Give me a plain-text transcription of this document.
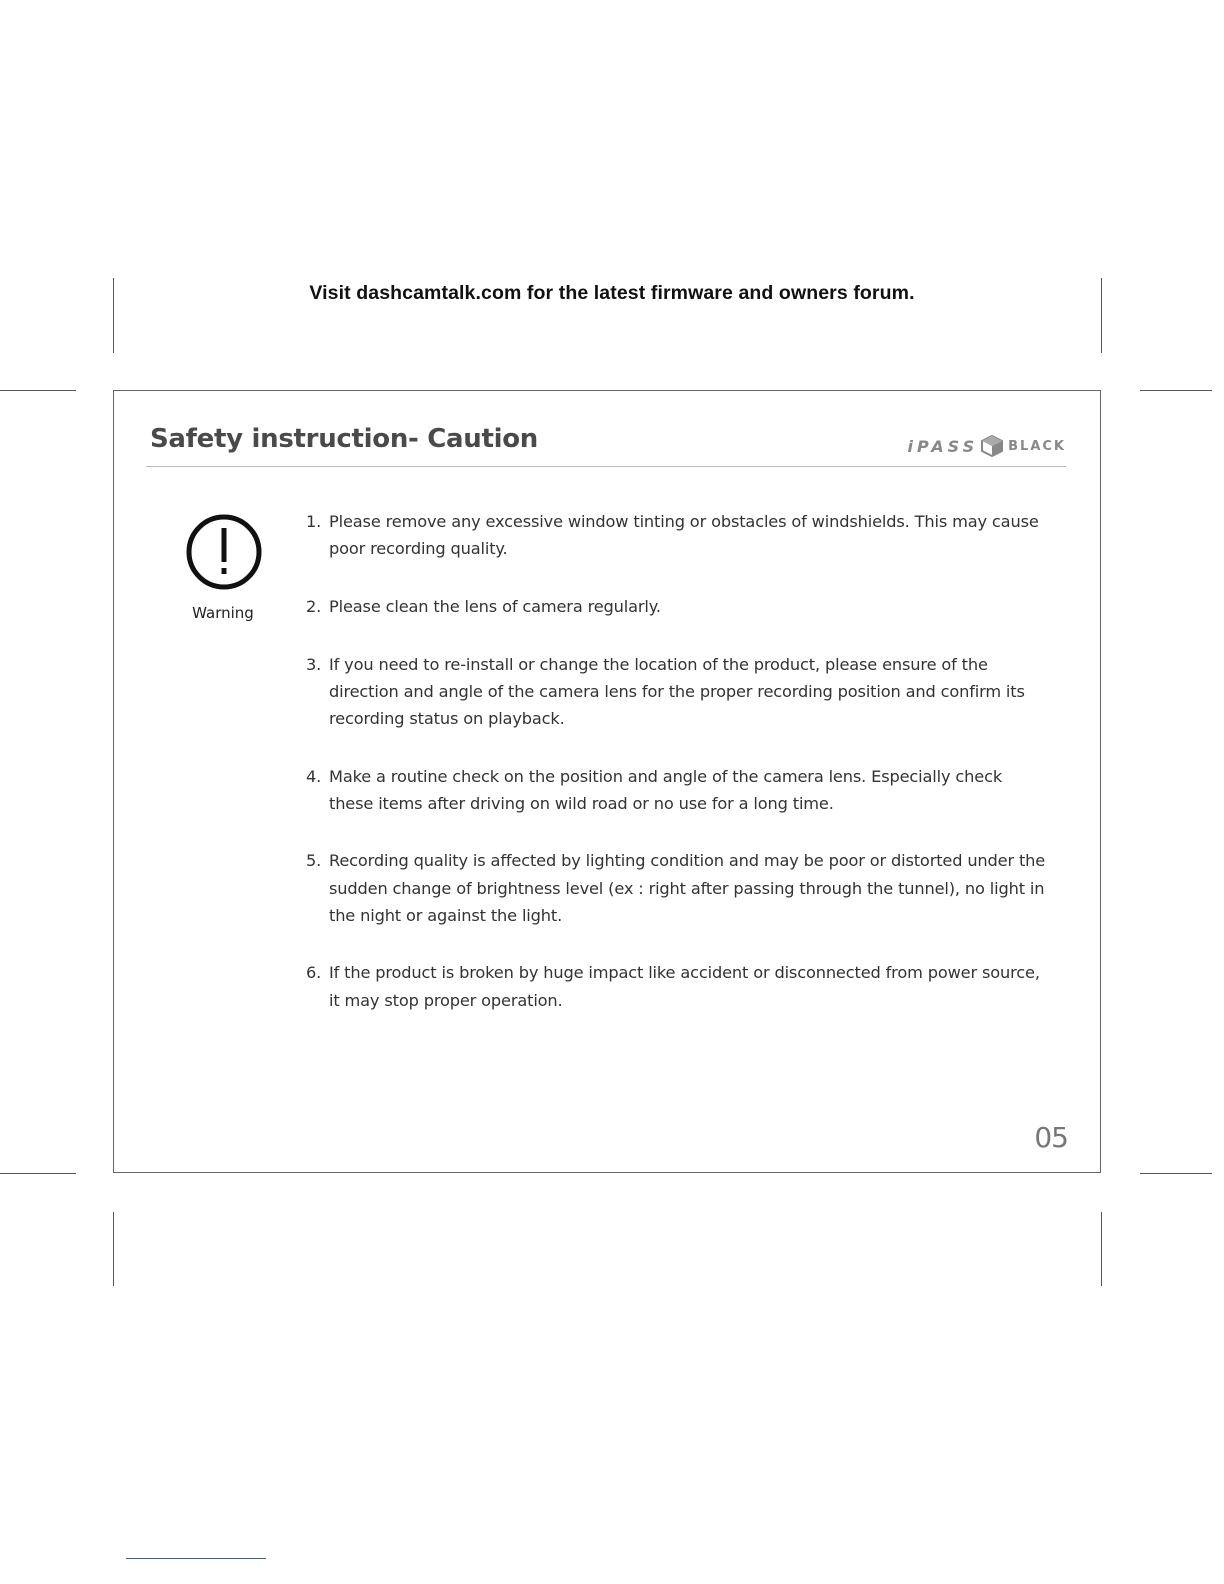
Visit dashcamtalk.com for the latest firmware and owners forum.
Safety instruction- Caution	iPASS BLACK
Warning
1. Please remove any excessive window tinting or obstacles of windshields. This may cause poor recording quality.
2. Please clean the lens of camera regularly.
3. If you need to re-install or change the location of the product, please ensure of the direction and angle of the camera lens for the proper recording position and confirm its recording status on playback.
4. Make a routine check on the position and angle of the camera lens. Especially check these items after driving on wild road or no use for a long time.
5. Recording quality is affected by lighting condition and may be poor or distorted under the sudden change of brightness level (ex : right after passing through the tunnel), no light in the night or against the light.
6. If the product is broken by huge impact like accident or disconnected from power source, it may stop proper operation.
05
